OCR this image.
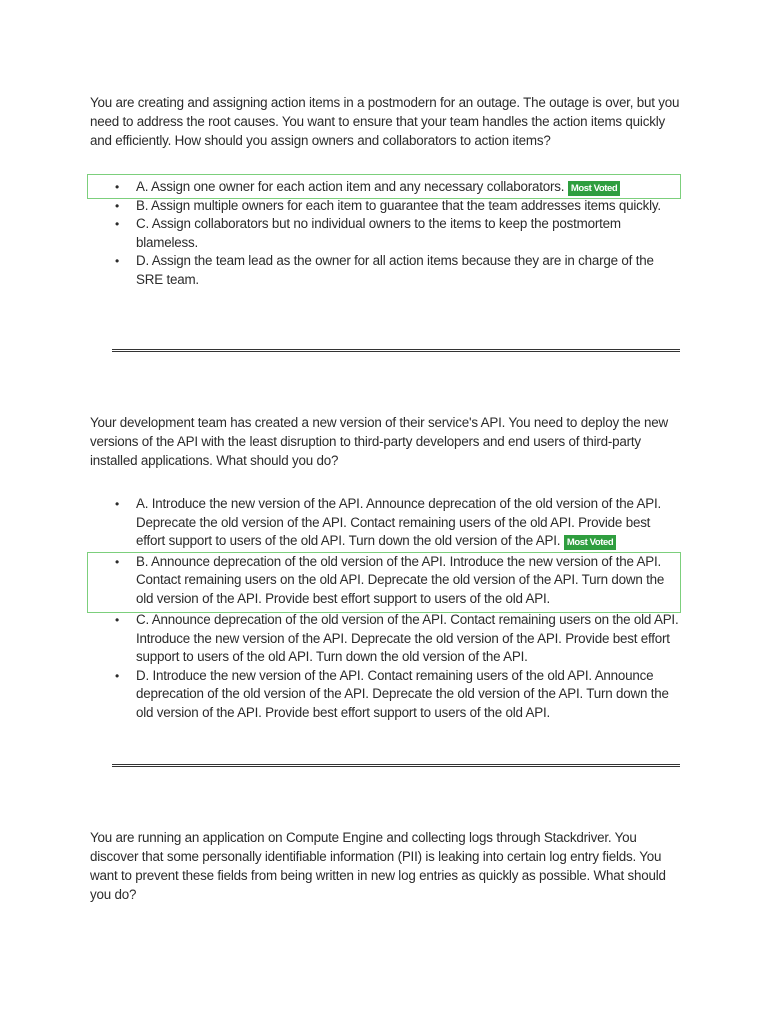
You are creating and assigning action items in a postmodern for an outage. The outage is over, but you need to address the root causes. You want to ensure that your team handles the action items quickly and efficiently. How should you assign owners and collaborators to action items?

• A. Assign one owner for each action item and any necessary collaborators. Most Voted
• B. Assign multiple owners for each item to guarantee that the team addresses items quickly.
• C. Assign collaborators but no individual owners to the items to keep the postmortem blameless.
• D. Assign the team lead as the owner for all action items because they are in charge of the SRE team.

Your development team has created a new version of their service's API. You need to deploy the new versions of the API with the least disruption to third-party developers and end users of third-party installed applications. What should you do?

• A. Introduce the new version of the API. Announce deprecation of the old version of the API. Deprecate the old version of the API. Contact remaining users of the old API. Provide best effort support to users of the old API. Turn down the old version of the API. Most Voted
• B. Announce deprecation of the old version of the API. Introduce the new version of the API. Contact remaining users on the old API. Deprecate the old version of the API. Turn down the old version of the API. Provide best effort support to users of the old API.
• C. Announce deprecation of the old version of the API. Contact remaining users on the old API. Introduce the new version of the API. Deprecate the old version of the API. Provide best effort support to users of the old API. Turn down the old version of the API.
• D. Introduce the new version of the API. Contact remaining users of the old API. Announce deprecation of the old version of the API. Deprecate the old version of the API. Turn down the old version of the API. Provide best effort support to users of the old API.

You are running an application on Compute Engine and collecting logs through Stackdriver. You discover that some personally identifiable information (PII) is leaking into certain log entry fields. You want to prevent these fields from being written in new log entries as quickly as possible. What should you do?
